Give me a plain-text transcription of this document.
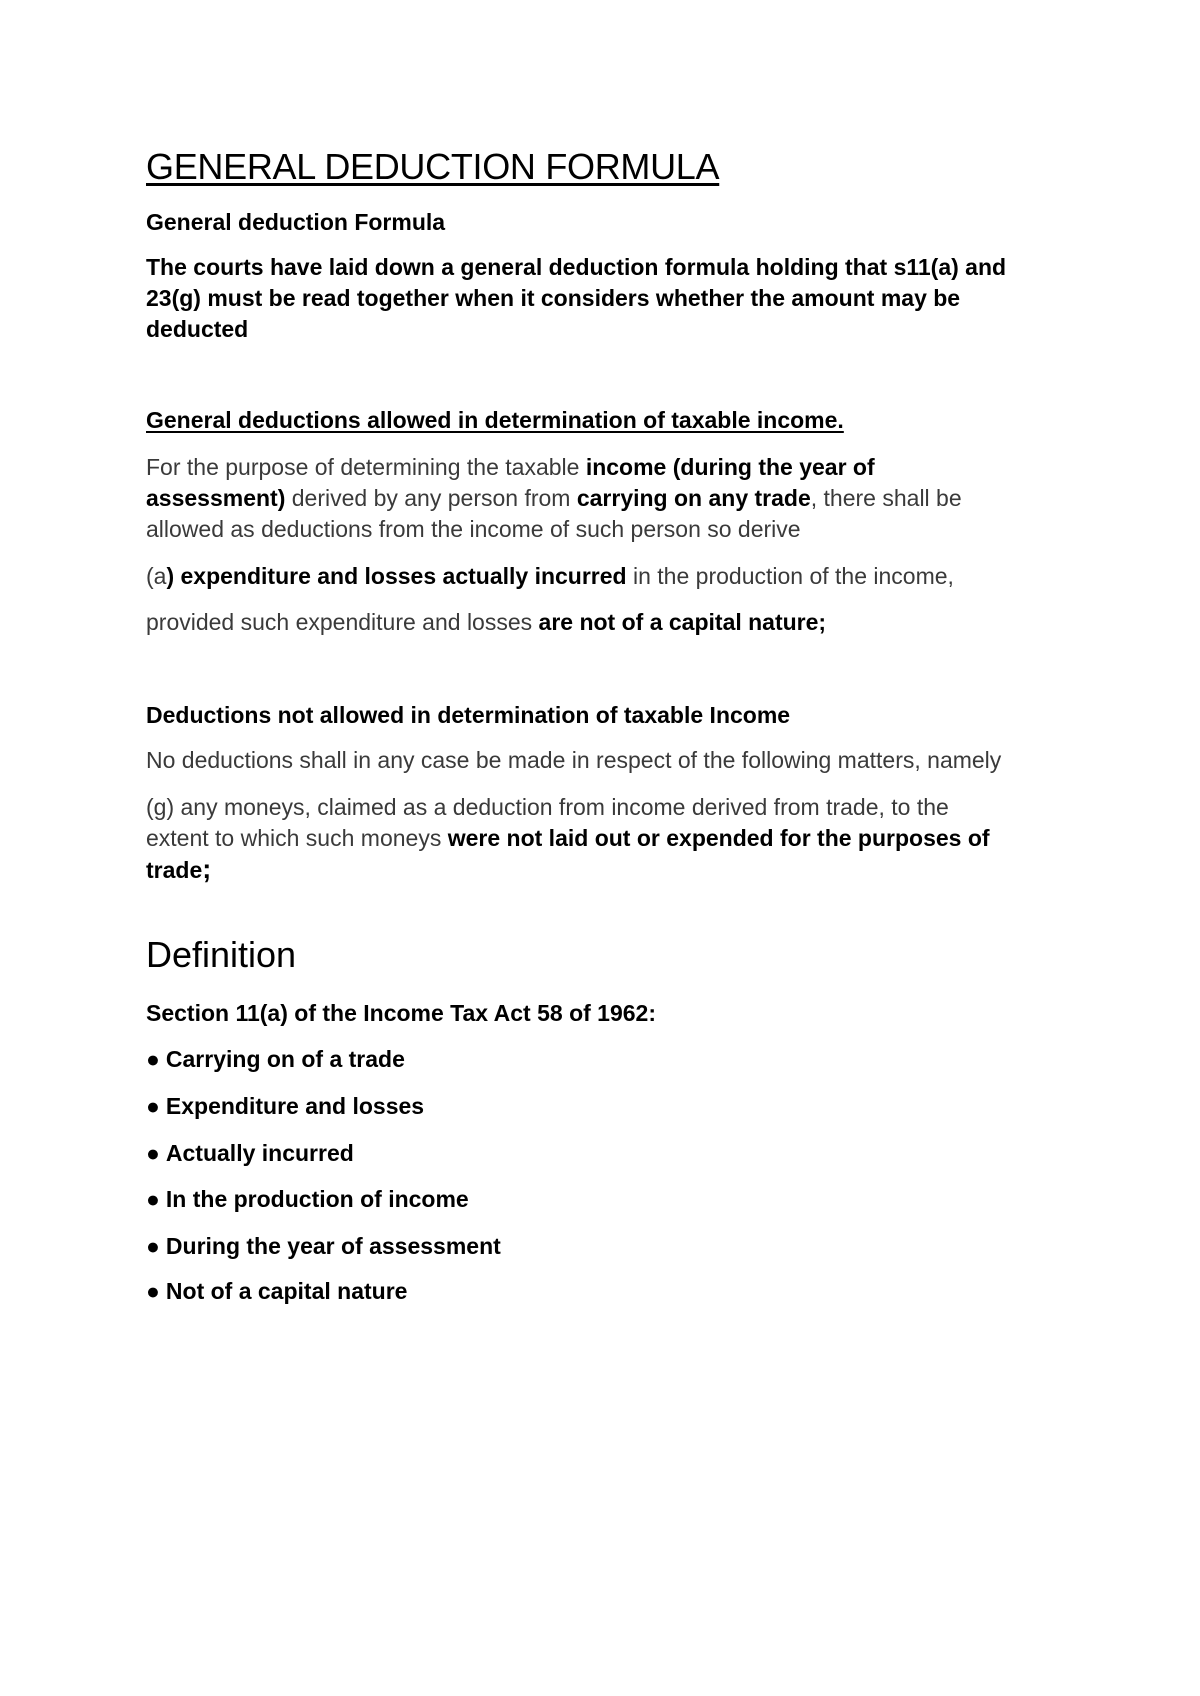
GENERAL DEDUCTION FORMULA

General deduction Formula

The courts have laid down a general deduction formula holding that s11(a) and

23(g) must be read together when it considers whether the amount may be

deducted

General deductions allowed in determination of taxable income.

For the purpose of determining the taxable income (during the year of

assessment) derived by any person from carrying on any trade, there shall be

allowed as deductions from the income of such person so derive

(a) expenditure and losses actually incurred in the production of the income,

provided such expenditure and losses are not of a capital nature;

Deductions not allowed in determination of taxable Income

No deductions shall in any case be made in respect of the following matters, namely

(g) any moneys, claimed as a deduction from income derived from trade, to the

extent to which such moneys were not laid out or expended for the purposes of

trade;

Definition

Section 11(a) of the Income Tax Act 58 of 1962:

● Carrying on of a trade

● Expenditure and losses

● Actually incurred

● In the production of income

● During the year of assessment

● Not of a capital nature
